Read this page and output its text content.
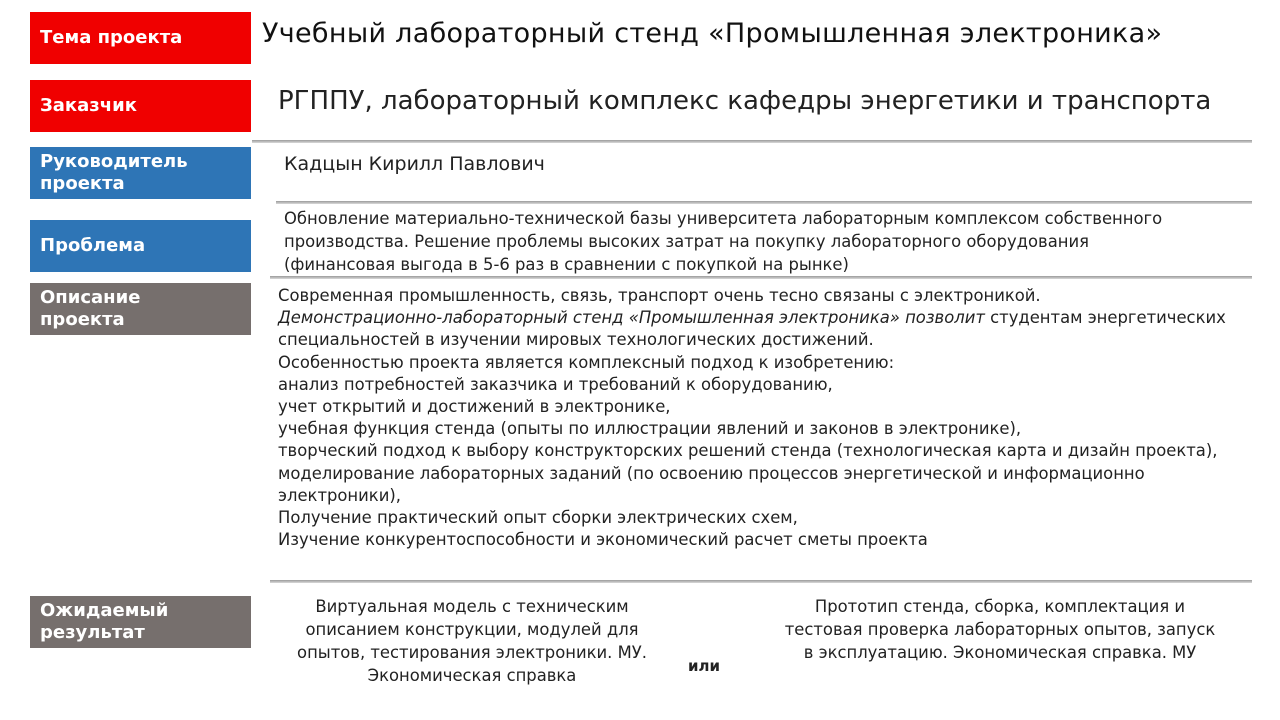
Тема проекта
Заказчик
Руководитель проекта
Проблема
Описание проекта
Ожидаемый результат
Учебный лабораторный стенд «Промышленная электроника»
РГППУ, лабораторный комплекс кафедры энергетики и транспорта
Кадцын Кирилл Павлович
Обновление материально-технической базы университета лабораторным комплексом собственного производства. Решение проблемы высоких затрат на покупку лабораторного оборудования (финансовая выгода в 5-6 раз в сравнении с покупкой на рынке)

Современная промышленность, связь, транспорт очень тесно связаны с электроникой.

Демонстрационно-лабораторный стенд «Промышленная электроника» позволит студентам энергетических специальностей в изучении мировых технологических достижений.

Особенностью проекта является комплексный подход к изобретению:

анализ потребностей заказчика и требований к оборудованию,

учет открытий и достижений в электронике,

учебная функция стенда (опыты по иллюстрации явлений и законов в электронике),

творческий подход к выбору конструкторских решений стенда (технологическая карта и дизайн проекта),

моделирование лабораторных заданий (по освоению процессов энергетической и информационно электроники),

Получение практический опыт сборки электрических схем,

Изучение конкурентоспособности и экономический расчет сметы проекта

Виртуальная модель с техническим описанием конструкции, модулей для опытов, тестирования электроники. МУ. Экономическая справка	или
Прототип стенда, сборка, комплектация и тестовая проверка лабораторных опытов, запуск в эксплуатацию. Экономическая справка. МУ
